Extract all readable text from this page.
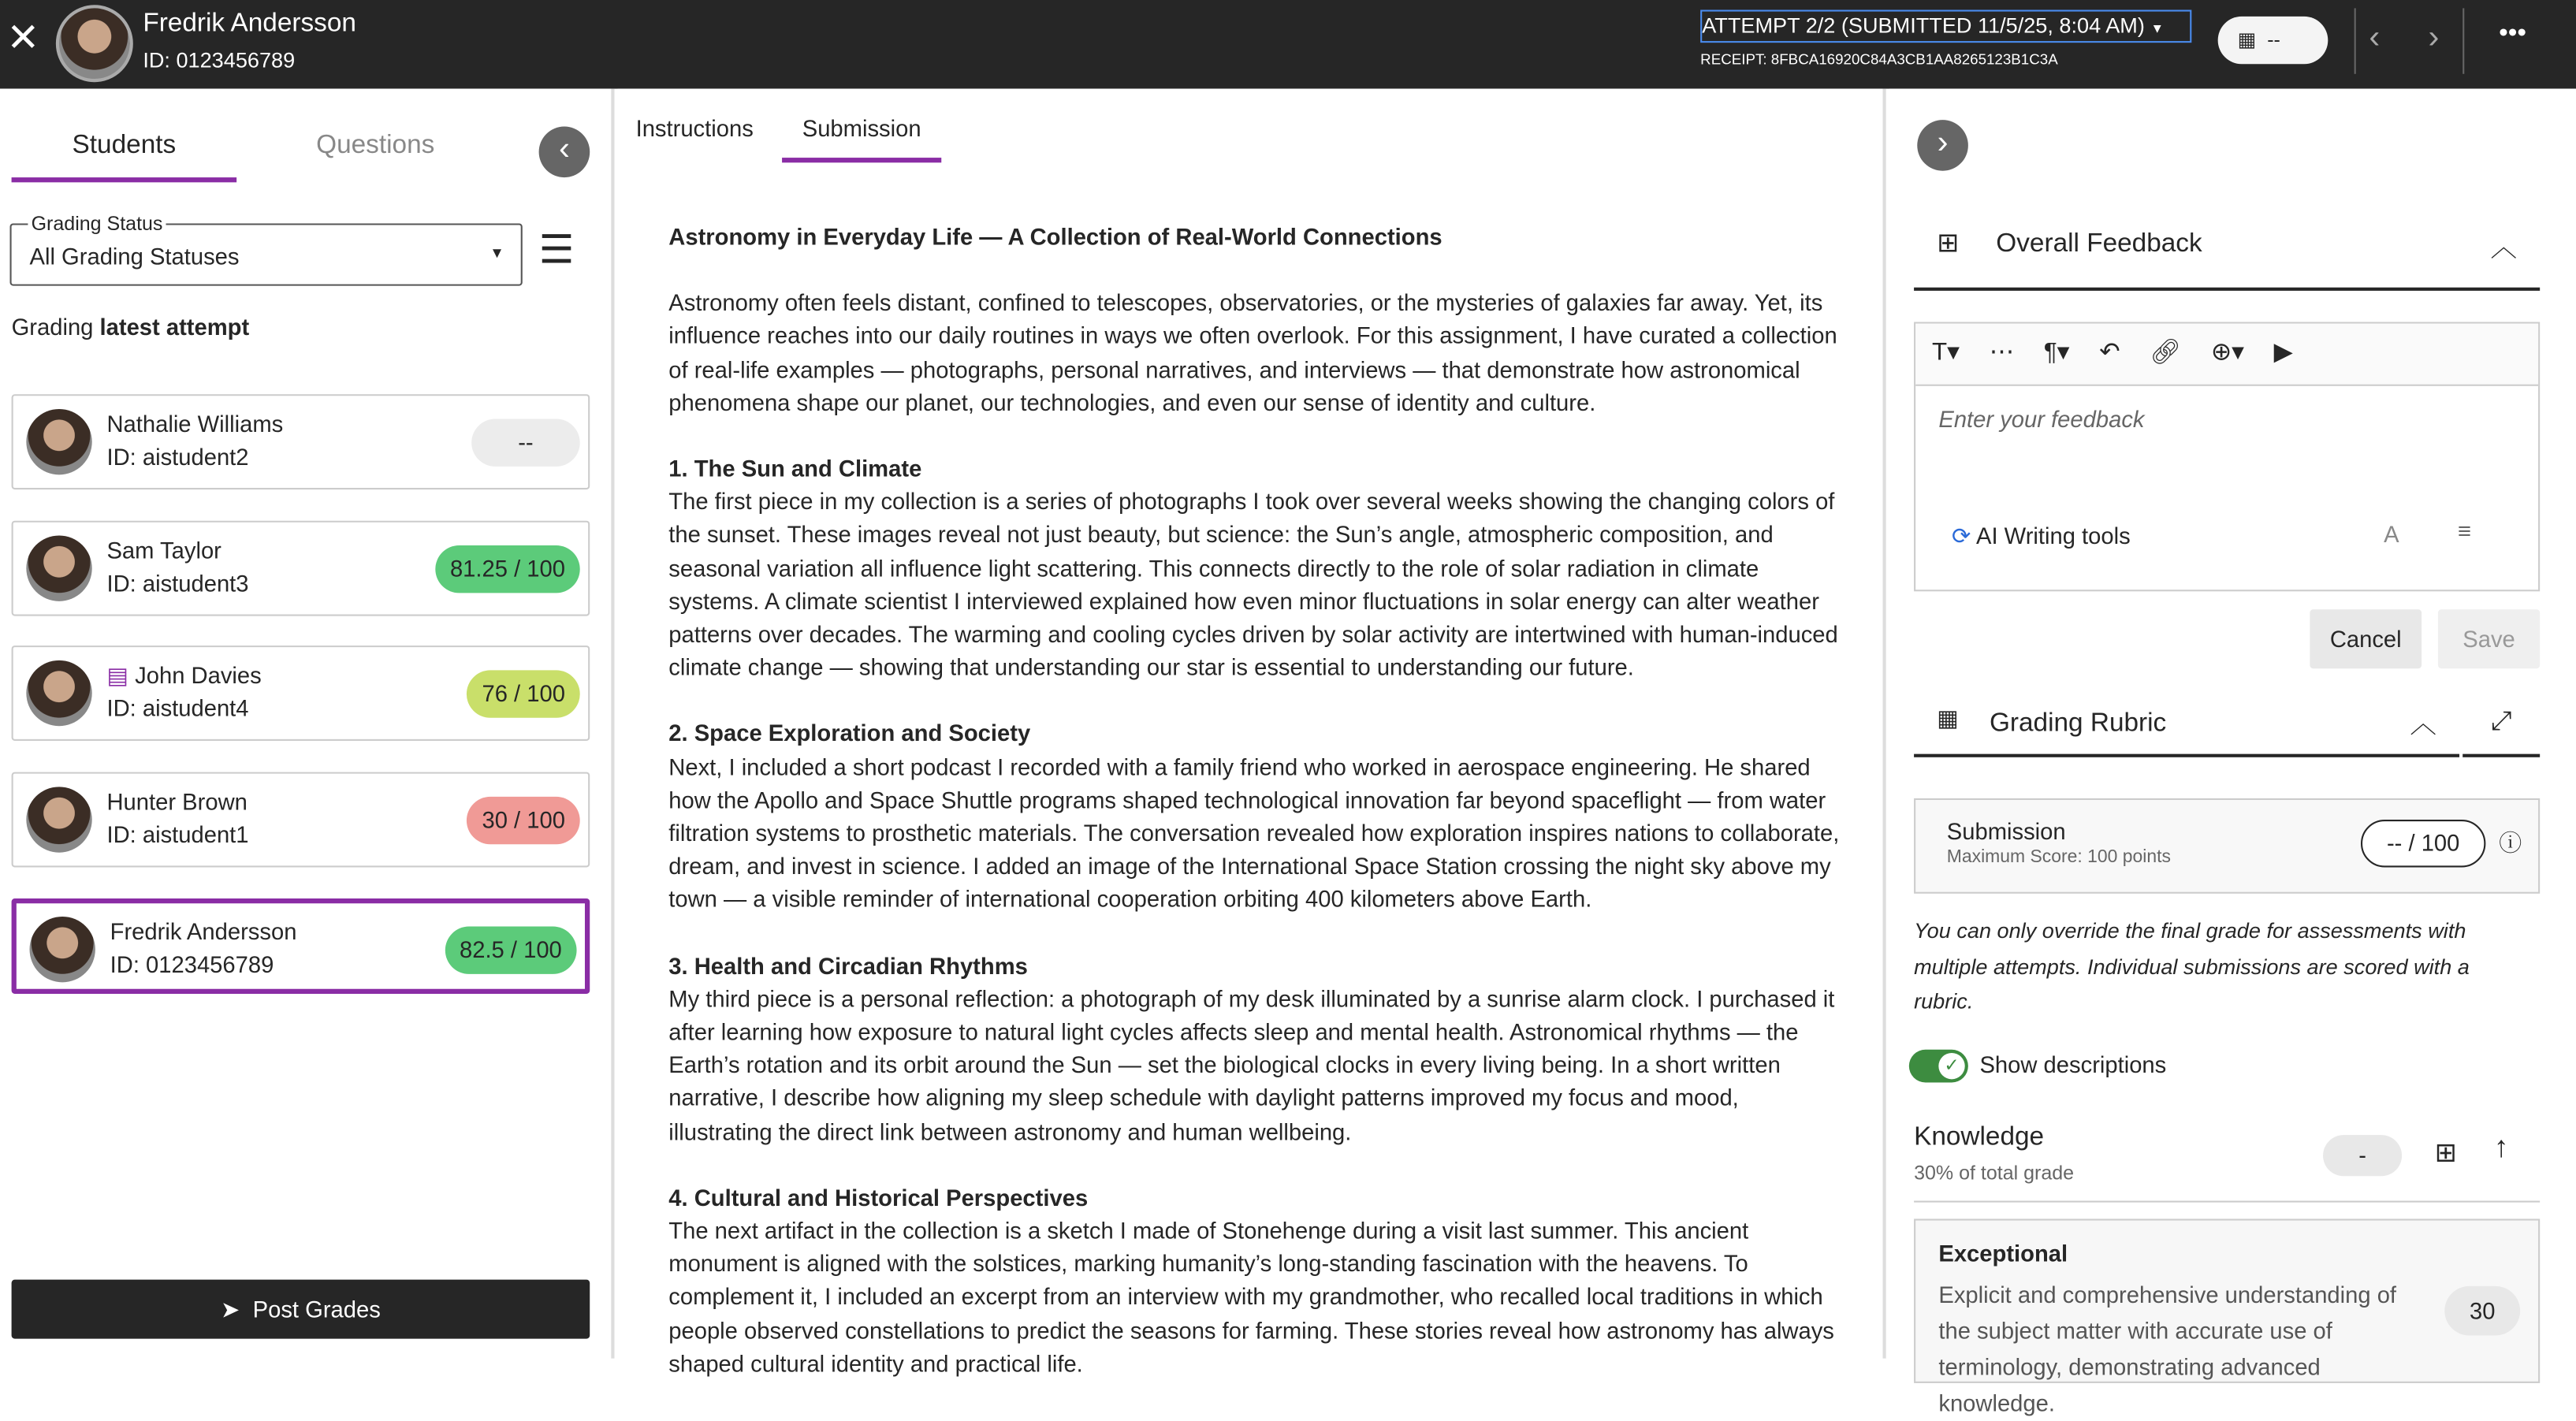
✕	Fredrik Andersson
ID: 0123456789
ATTEMPT 2/2 (SUBMITTED 11/5/25, 8:04 AM) ▼
RECEIPT: 8FBCA16920C84A3CB1AA8265123B1C3A
▦ --	‹	›	•••
Students	Questions	‹
Grading Status
All Grading Statuses	▼ ☰
Grading latest attempt
Nathalie Williams
ID: aistudent2
--
Sam Taylor
ID: aistudent3
81.25 / 100
▤ John Davies
ID: aistudent4
76 / 100
Hunter Brown
ID: aistudent1
30 / 100
Fredrik Andersson
ID: 0123456789
82.5 / 100
➤ Post Grades
Instructions	Submission
Astronomy in Everyday Life — A Collection of Real-World Connections

Astronomy often feels distant, confined to telescopes, observatories, or the mysteries of galaxies far away. Yet, its influence reaches into our daily routines in ways we often overlook. For this assignment, I have curated a collection of real-life examples — photographs, personal narratives, and interviews — that demonstrate how astronomical phenomena shape our planet, our technologies, and even our sense of identity and culture.

1. The Sun and Climate

The first piece in my collection is a series of photographs I took over several weeks showing the changing colors of the sunset. These images reveal not just beauty, but science: the Sun’s angle, atmospheric composition, and seasonal variation all influence light scattering. This connects directly to the role of solar radiation in climate systems. A climate scientist I interviewed explained how even minor fluctuations in solar energy can alter weather patterns over decades. The warming and cooling cycles driven by solar activity are intertwined with human-induced climate change — showing that understanding our star is essential to understanding our future.

2. Space Exploration and Society

Next, I included a short podcast I recorded with a family friend who worked in aerospace engineering. He shared how the Apollo and Space Shuttle programs shaped technological innovation far beyond spaceflight — from water filtration systems to prosthetic materials. The conversation revealed how exploration inspires nations to collaborate, dream, and invest in science. I added an image of the International Space Station crossing the night sky above my town — a visible reminder of international cooperation orbiting 400 kilometers above Earth.

3. Health and Circadian Rhythms

My third piece is a personal reflection: a photograph of my desk illuminated by a sunrise alarm clock. I purchased it after learning how exposure to natural light cycles affects sleep and mental health. Astronomical rhythms — the Earth’s rotation and its orbit around the Sun — set the biological clocks in every living being. In a short written narrative, I describe how aligning my sleep schedule with daylight patterns improved my focus and mood, illustrating the direct link between astronomy and human wellbeing.

4. Cultural and Historical Perspectives

The next artifact in the collection is a sketch I made of Stonehenge during a visit last summer. This ancient monument is aligned with the solstices, marking humanity’s long-standing fascination with the heavens. To complement it, I included an excerpt from an interview with my grandmother, who recalled local traditions in which people observed constellations to predict the seasons for farming. These stories reveal how astronomy has always shaped cultural identity and practical life.

›
⊞	Overall Feedback	︿
T▾	⋯	¶▾	↶	🔗︎	⊕▾	▶
Enter your feedback
⟳ AI Writing tools	A	≡
Cancel	Save
▦ Grading Rubric	︿	⤢
Submission
Maximum Score: 100 points
-- / 100	ⓘ
You can only override the final grade for assessments with multiple attempts. Individual submissions are scored with a rubric.
✓	Show descriptions
Knowledge
30% of total grade
-	⊞	↑
Exceptional
Explicit and comprehensive understanding of the subject matter with accurate use of terminology, demonstrating advanced knowledge.
30
